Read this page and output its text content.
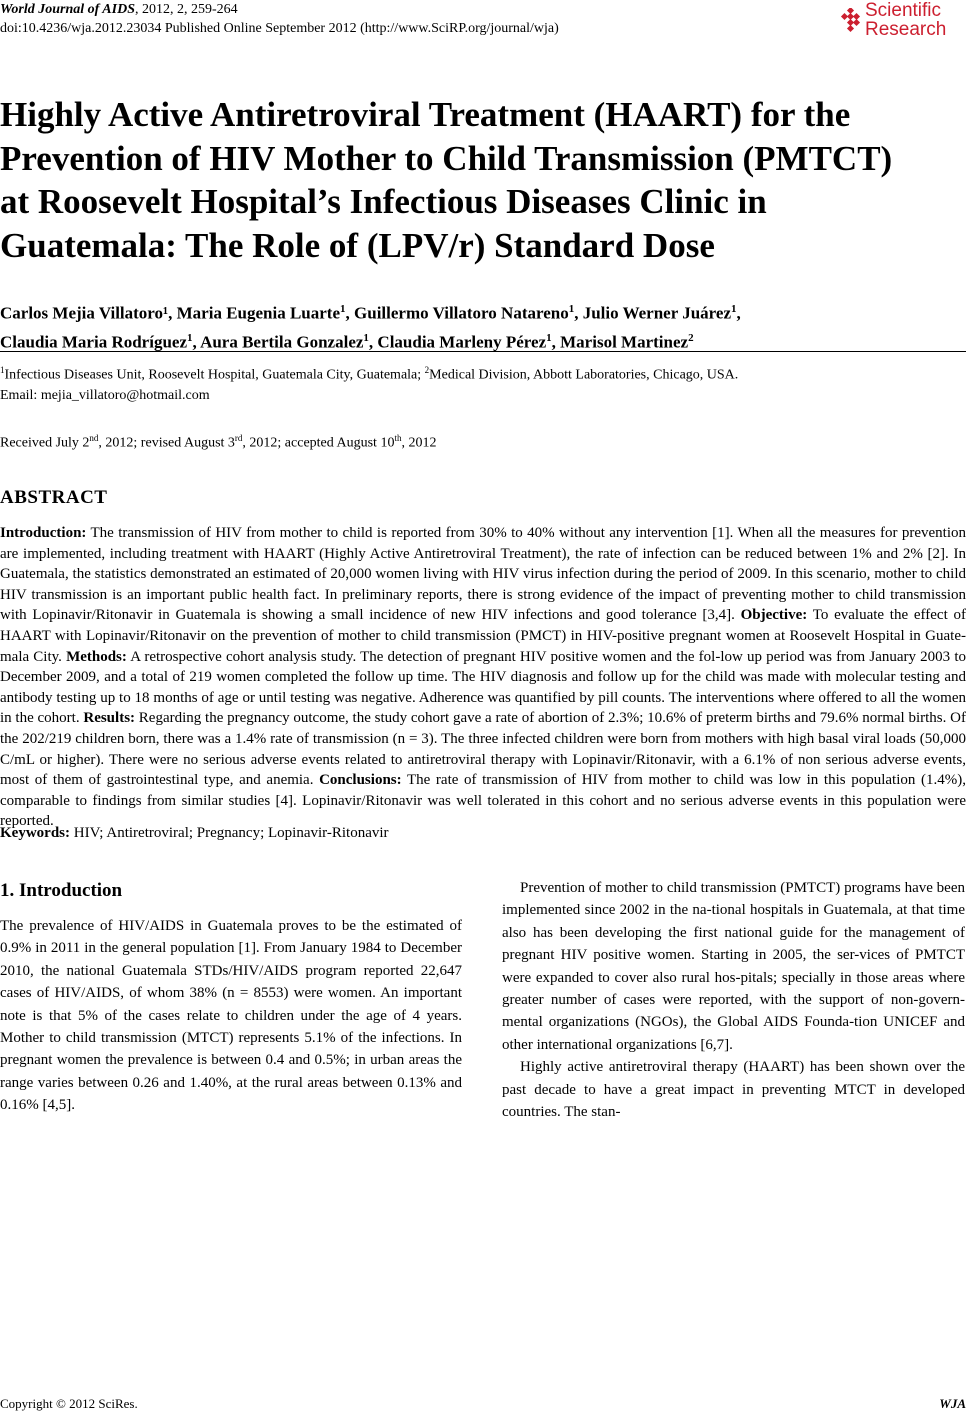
World Journal of AIDS, 2012, 2, 259-264
doi:10.4236/wja.2012.23034 Published Online September 2012 (http://www.SciRP.org/journal/wja)
Scientific
Research
Highly Active Antiretroviral Treatment (HAART) for the
Prevention of HIV Mother to Child Transmission (PMTCT)
at Roosevelt Hospital’s Infectious Diseases Clinic in
Guatemala: The Role of (LPV/r) Standard Dose
Carlos Mejia Villatoro¹, Maria Eugenia Luarte$^1$, Guillermo Villatoro Natareno$^1$, Julio Werner Juárez$^1$,
Claudia Maria Rodríguez$^1$, Aura Bertila Gonzalez$^1$, Claudia Marleny Pérez$^1$, Marisol Martinez$^2$
$^1$Infectious Diseases Unit, Roosevelt Hospital, Guatemala City, Guatemala; $^2$Medical Division, Abbott Laboratories, Chicago, USA.
Email: mejia_villatoro@hotmail.com
Received July 2nd, 2012; revised August 3rd, 2012; accepted August 10th, 2012
ABSTRACT

Introduction: The transmission of HIV from mother to child is reported from 30% to 40% without any intervention [1]. When all the measures for prevention are implemented, including treatment with HAART (Highly Active Antiretroviral Treatment), the rate of infection can be reduced between 1% and 2% [2]. In Guatemala, the statistics demonstrated an estimated of 20,000 women living with HIV virus infection during the period of 2009. In this scenario, mother to child HIV transmission is an important public health fact. In preliminary reports, there is strong evidence of the impact of preventing mother to child transmission with Lopinavir/Ritonavir in Guatemala is showing a small incidence of new HIV infections and good tolerance [3,4]. Objective: To evaluate the effect of HAART with Lopinavir/Ritonavir on the prevention of mother to child transmission (PMCT) in HIV-positive pregnant women at Roosevelt Hospital in Guate-mala City. Methods: A retrospective cohort analysis study. The detection of pregnant HIV positive women and the fol-low up period was from January 2003 to December 2009, and a total of 219 women completed the follow up time. The HIV diagnosis and follow up for the child was made with molecular testing and antibody testing up to 18 months of age or until testing was negative. Adherence was quantified by pill counts. The interventions where offered to all the women in the cohort. Results: Regarding the pregnancy outcome, the study cohort gave a rate of abortion of 2.3%; 10.6% of preterm births and 79.6% normal births. Of the 202/219 children born, there was a 1.4% rate of transmission (n = 3). The three infected children were born from mothers with high basal viral loads (50,000 C/mL or higher). There were no serious adverse events related to antiretroviral therapy with Lopinavir/Ritonavir, with a 6.1% of non serious adverse events, most of them of gastrointestinal type, and anemia. Conclusions: The rate of transmission of HIV from mother to child was low in this population (1.4%), comparable to findings from similar studies [4]. Lopinavir/Ritonavir was well tolerated in this cohort and no serious adverse events in this population were reported.

Keywords: HIV; Antiretroviral; Pregnancy; Lopinavir-Ritonavir
1. Introduction

The prevalence of HIV/AIDS in Guatemala proves to be the estimated of 0.9% in 2011 in the general population [1]. From January 1984 to December 2010, the national Guatemala STDs/HIV/AIDS program reported 22,647 cases of HIV/AIDS, of whom 38% (n = 8553) were women. An important note is that 5% of the cases relate to children under the age of 4 years. Mother to child transmission (MTCT) represents 5.1% of the infections. In pregnant women the prevalence is between 0.4 and 0.5%; in urban areas the range varies between 0.26 and 1.40%, at the rural areas between 0.13% and 0.16% [4,5].

Prevention of mother to child transmission (PMTCT) programs have been implemented since 2002 in the na-tional hospitals in Guatemala, at that time also has been developing the first national guide for the management of pregnant HIV positive women. Starting in 2005, the ser-vices of PMTCT were expanded to cover also rural hos-pitals; specially in those areas where greater number of cases were reported, with the support of non-govern-mental organizations (NGOs), the Global AIDS Founda-tion UNICEF and other international organizations [6,7].

Highly active antiretroviral therapy (HAART) has been shown over the past decade to have a great impact in preventing MTCT in developed countries. The stan-

Copyright © 2012 SciRes.	WJA
